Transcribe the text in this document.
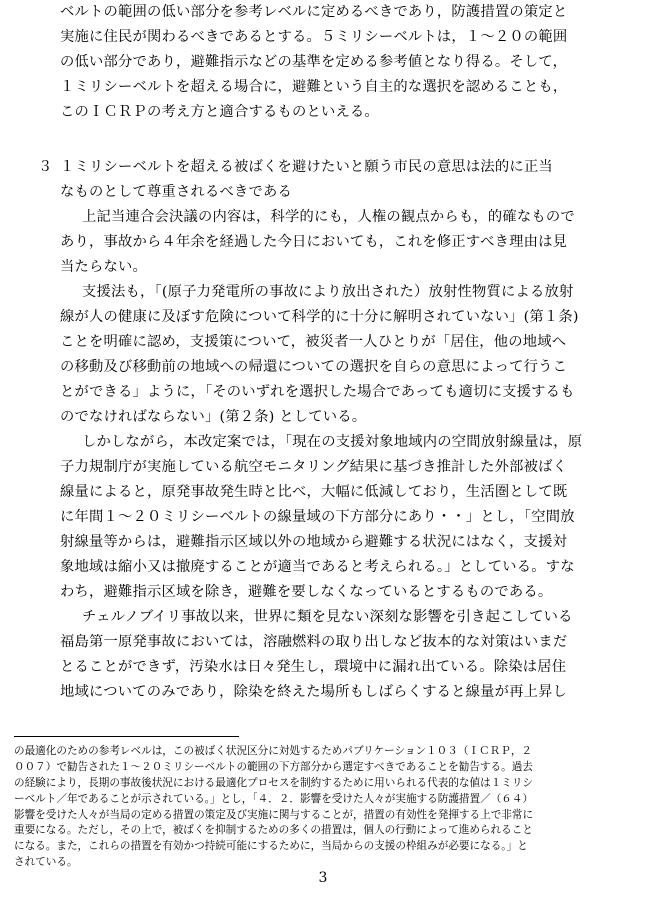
ベルトの範囲の低い部分を参考レベルに定めるべきであり，防護措置の策定と
実施に住民が関わるべきであるとする。５ミリシーベルトは，１～２０の範囲
の低い部分であり，避難指示などの基準を定める参考値となり得る。そして，
１ミリシーベルトを超える場合に，避難という自主的な選択を認めることも，
このＩＣＲＰの考え方と適合するものといえる。
３ １ミリシーベルトを超える被ばくを避けたいと願う市民の意思は法的に正当
なものとして尊重されるべきである
上記当連合会決議の内容は，科学的にも，人権の観点からも，的確なもので
あり，事故から４年余を経過した今日においても，これを修正すべき理由は見
当たらない。
支援法も，「(原子力発電所の事故により放出された）放射性物質による放射
線が人の健康に及ぼす危険について科学的に十分に解明されていない」(第１条)
ことを明確に認め，支援策について，被災者一人ひとりが「居住，他の地域へ
の移動及び移動前の地域への帰還についての選択を自らの意思によって行うこ
とができる」ように，「そのいずれを選択した場合であっても適切に支援するも
のでなければならない」(第２条) としている。
しかしながら，本改定案では，「現在の支援対象地域内の空間放射線量は，原
子力規制庁が実施している航空モニタリング結果に基づき推計した外部被ばく
線量によると，原発事故発生時と比べ，大幅に低減しており，生活圏として既
に年間１～２０ミリシーベルトの線量域の下方部分にあり・・」とし，「空間放
射線量等からは，避難指示区域以外の地域から避難する状況にはなく，支援対
象地域は縮小又は撤廃することが適当であると考えられる。」としている。すな
わち，避難指示区域を除き，避難を要しなくなっているとするものである。
チェルノブイリ事故以来，世界に類を見ない深刻な影響を引き起こしている
福島第一原発事故においては，溶融燃料の取り出しなど抜本的な対策はいまだ
とることができず，汚染水は日々発生し，環境中に漏れ出ている。除染は居住
地域についてのみであり，除染を終えた場所もしばらくすると線量が再上昇し
の最適化のための参考レベルは，この被ばく状況区分に対処するためパブリケーション１０３（ＩＣＲＰ，２
００７）で勧告された１～２０ミリシーベルトの範囲の下方部分から選定すべきであることを勧告する。過去
の経験により，長期の事故後状況における最適化プロセスを制約するために用いられる代表的な値は１ミリシ
ーベルト／年であることが示されている。」とし，「４．２．影響を受けた人々が実施する防護措置／（６４）
影響を受けた人々が当局の定める措置の策定及び実施に関与することが，措置の有効性を発揮する上で非常に
重要になる。ただし，その上で，被ばくを抑制するための多くの措置は，個人の行動によって進められること
になる。また，これらの措置を有効かつ持続可能にするために，当局からの支援の枠組みが必要になる。」と
されている。
3
